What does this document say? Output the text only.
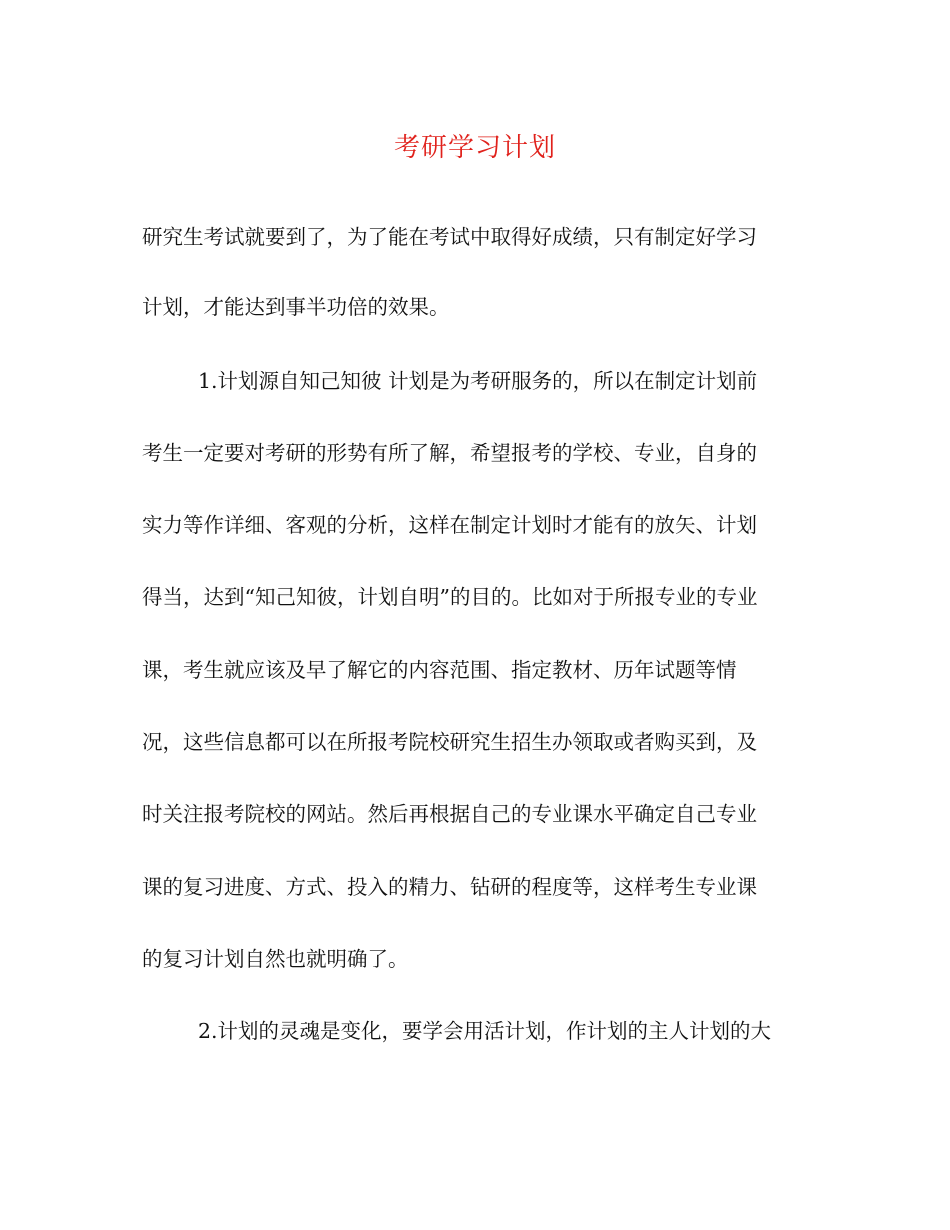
考研学习计划
研究生考试就要到了，为了能在考试中取得好成绩，只有制定好学习
计划，才能达到事半功倍的效果。
1.计划源自知己知彼 计划是为考研服务的，所以在制定计划前
考生一定要对考研的形势有所了解，希望报考的学校、专业，自身的
实力等作详细、客观的分析，这样在制定计划时才能有的放矢、计划
得当，达到“知己知彼，计划自明”的目的。比如对于所报专业的专业
课，考生就应该及早了解它的内容范围、指定教材、历年试题等情
况，这些信息都可以在所报考院校研究生招生办领取或者购买到，及
时关注报考院校的网站。然后再根据自己的专业课水平确定自己专业
课的复习进度、方式、投入的精力、钻研的程度等，这样考生专业课
的复习计划自然也就明确了。
2.计划的灵魂是变化，要学会用活计划，作计划的主人计划的大
